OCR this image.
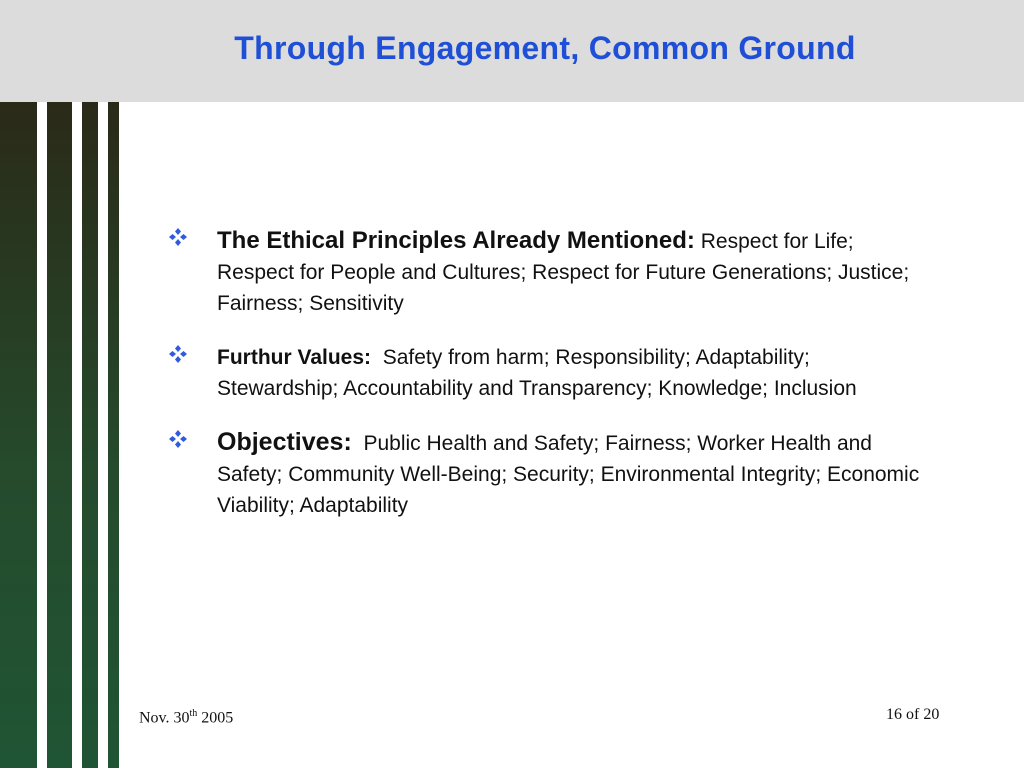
Through Engagement, Common Ground
The Ethical Principles Already Mentioned: Respect for Life; Respect for People and Cultures; Respect for Future Generations; Justice; Fairness; Sensitivity
Furthur Values: Safety from harm; Responsibility; Adaptability; Stewardship; Accountability and Transparency; Knowledge; Inclusion
Objectives: Public Health and Safety; Fairness; Worker Health and Safety; Community Well-Being; Security; Environmental Integrity; Economic Viability; Adaptability
Nov. 30th 2005	16 of 20
